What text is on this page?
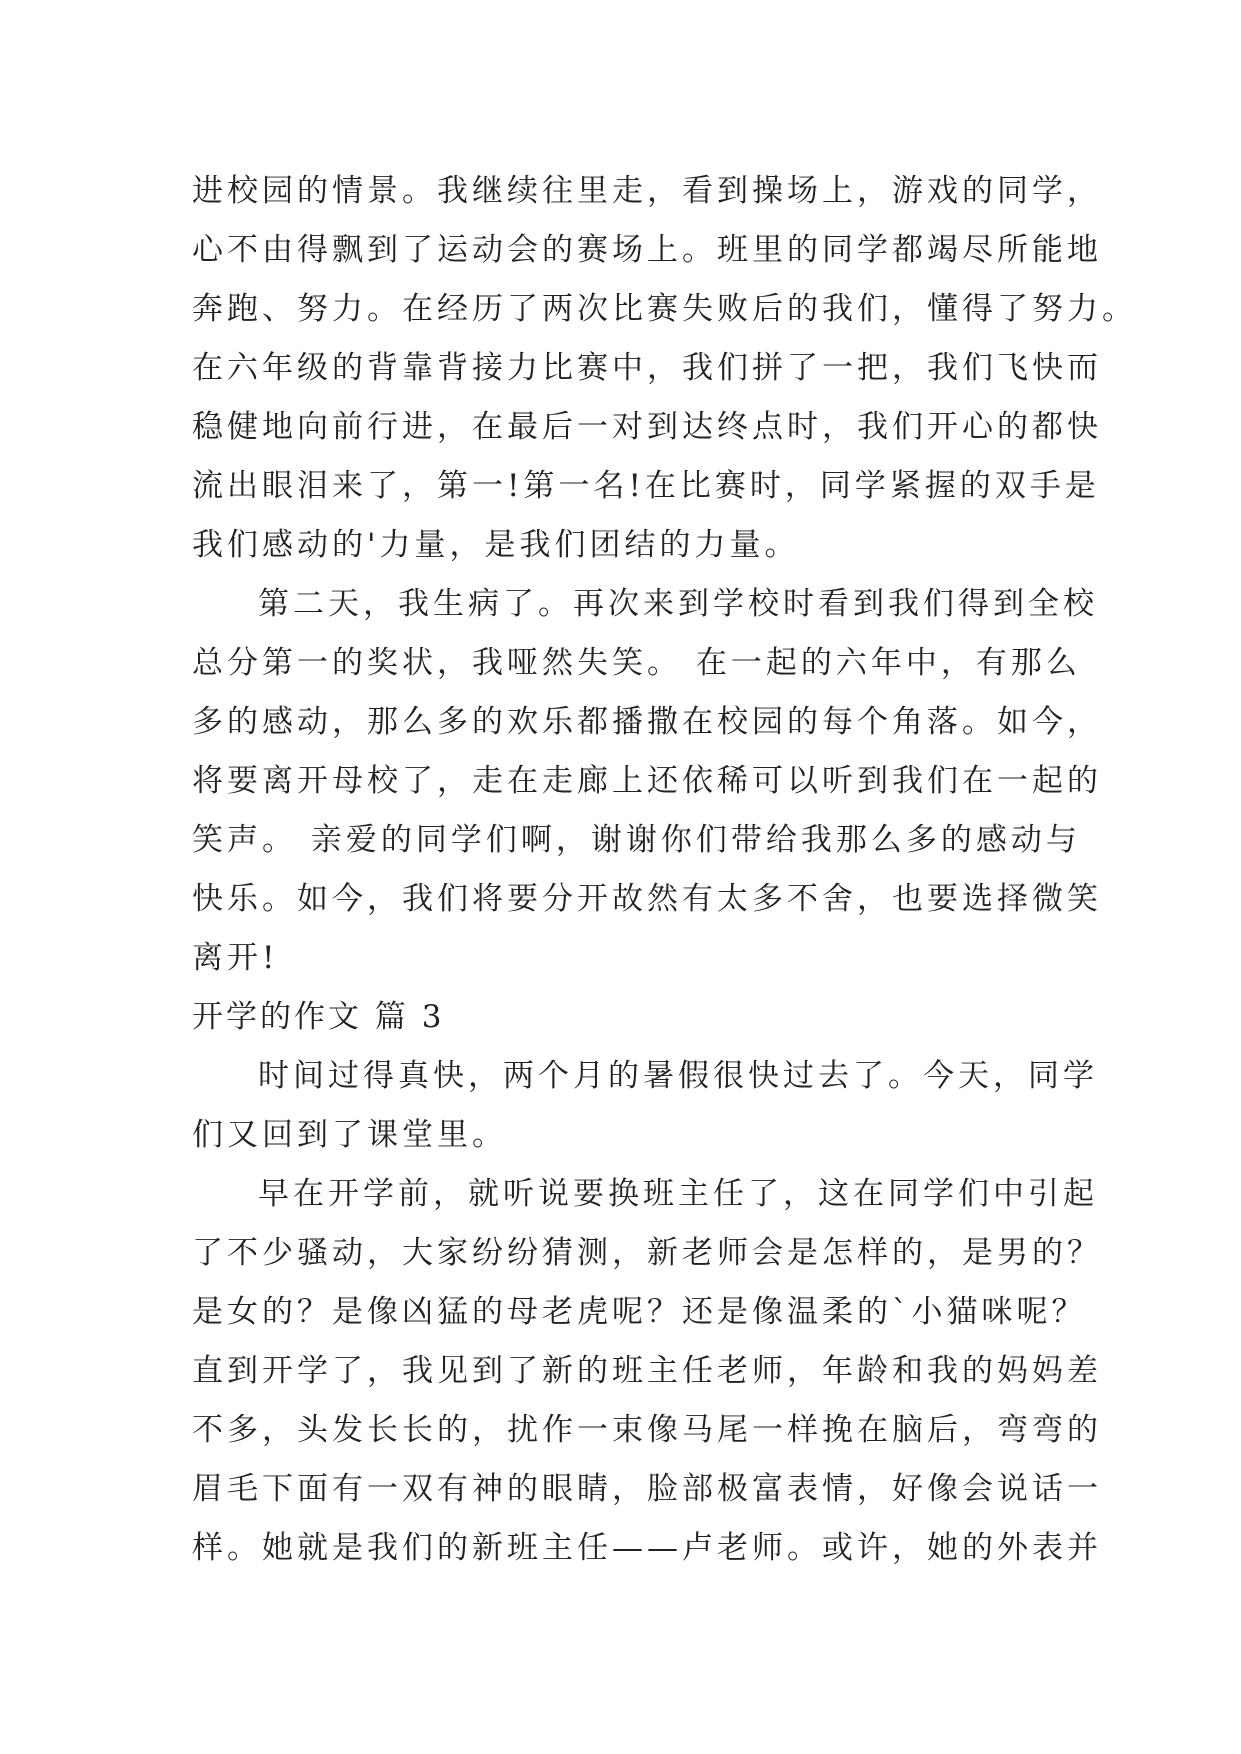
进校园的情景。我继续往里走，看到操场上，游戏的同学，
心不由得飘到了运动会的赛场上。班里的同学都竭尽所能地
奔跑、努力。在经历了两次比赛失败后的我们，懂得了努力。
在六年级的背靠背接力比赛中，我们拼了一把，我们飞快而
稳健地向前行进，在最后一对到达终点时，我们开心的都快
流出眼泪来了，第一!第一名!在比赛时，同学紧握的双手是
我们感动的'力量，是我们团结的力量。
第二天，我生病了。再次来到学校时看到我们得到全校
总分第一的奖状，我哑然失笑。 在一起的六年中，有那么
多的感动，那么多的欢乐都播撒在校园的每个角落。如今，
将要离开母校了，走在走廊上还依稀可以听到我们在一起的
笑声。 亲爱的同学们啊，谢谢你们带给我那么多的感动与
快乐。如今，我们将要分开故然有太多不舍，也要选择微笑
离开!
开学的作文 篇 3
时间过得真快，两个月的暑假很快过去了。今天，同学
们又回到了课堂里。
早在开学前，就听说要换班主任了，这在同学们中引起
了不少骚动，大家纷纷猜测，新老师会是怎样的，是男的？
是女的？是像凶猛的母老虎呢？还是像温柔的`小猫咪呢？
直到开学了，我见到了新的班主任老师，年龄和我的妈妈差
不多，头发长长的，扰作一束像马尾一样挽在脑后，弯弯的
眉毛下面有一双有神的眼睛，脸部极富表情，好像会说话一
样。她就是我们的新班主任——卢老师。或许，她的外表并
